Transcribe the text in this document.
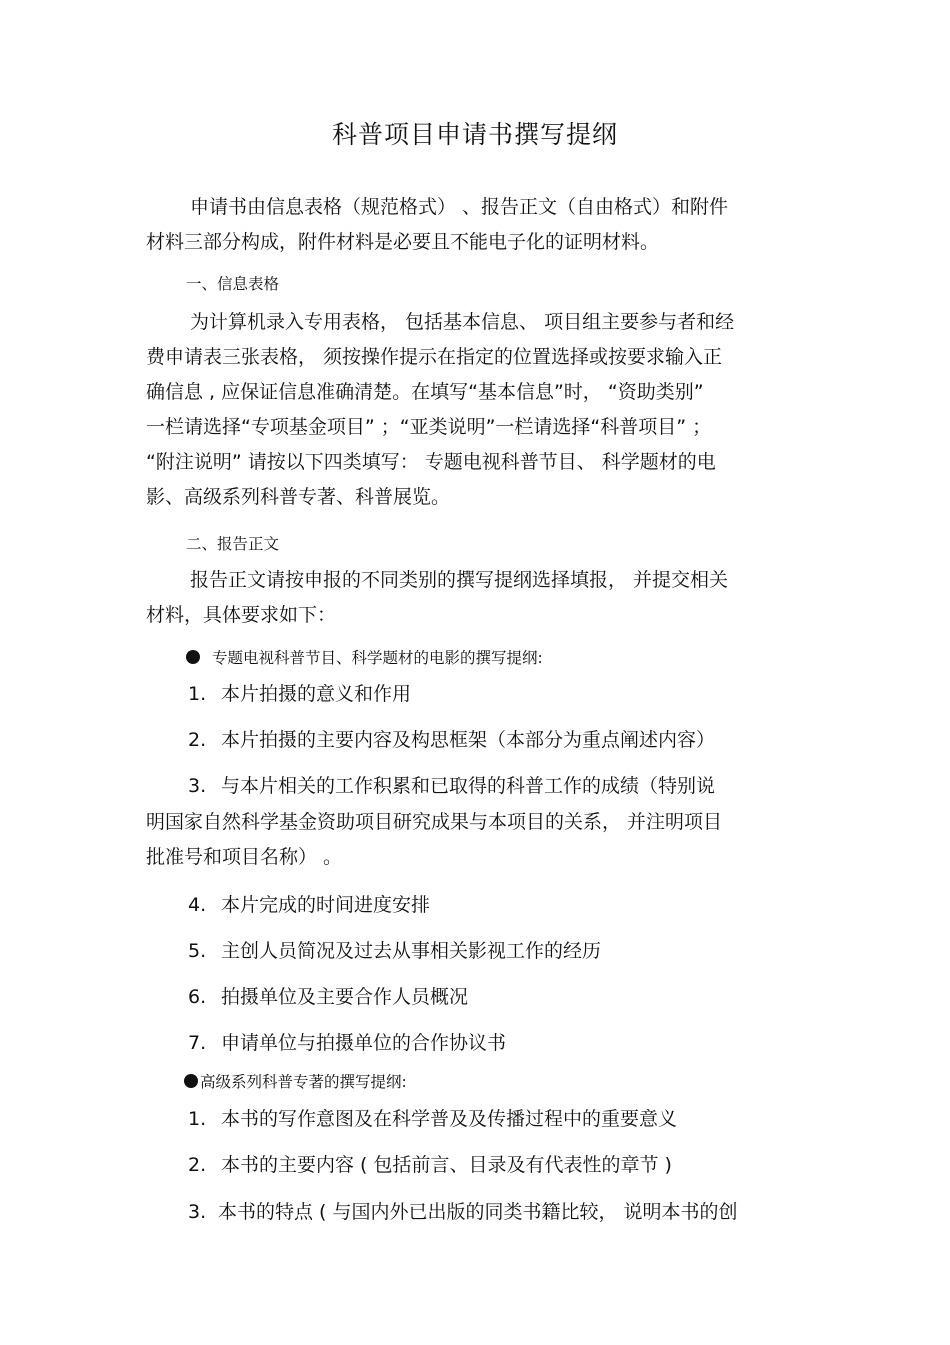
科普项目申请书撰写提纲
申请书由信息表格（规范格式） 、报告正文（自由格式）和附件
材料三部分构成，附件材料是必要且不能电子化的证明材料。
一、信息表格
为计算机录入专用表格， 包括基本信息、 项目组主要参与者和经
费申请表三张表格， 须按操作提示在指定的位置选择或按要求输入正
确信息 , 应保证信息准确清楚。在填写“基本信息”时， “资助类别”
一栏请选择“专项基金项目” ；“亚类说明”一栏请选择“科普项目” ；
“附注说明” 请按以下四类填写： 专题电视科普节目、 科学题材的电
影、高级系列科普专著、科普展览。
二、报告正文
报告正文请按申报的不同类别的撰写提纲选择填报， 并提交相关
材料，具体要求如下：
专题电视科普节目、科学题材的电影的撰写提纲:
1. 本片拍摄的意义和作用
2. 本片拍摄的主要内容及构思框架（本部分为重点阐述内容）
3. 与本片相关的工作积累和已取得的科普工作的成绩（特别说
明国家自然科学基金资助项目研究成果与本项目的关系， 并注明项目
批准号和项目名称） 。
4. 本片完成的时间进度安排
5. 主创人员简况及过去从事相关影视工作的经历
6. 拍摄单位及主要合作人员概况
7. 申请单位与拍摄单位的合作协议书
高级系列科普专著的撰写提纲:
1. 本书的写作意图及在科学普及及传播过程中的重要意义
2. 本书的主要内容 ( 包括前言、目录及有代表性的章节 )
3. 本书的特点 ( 与国内外已出版的同类书籍比较， 说明本书的创
